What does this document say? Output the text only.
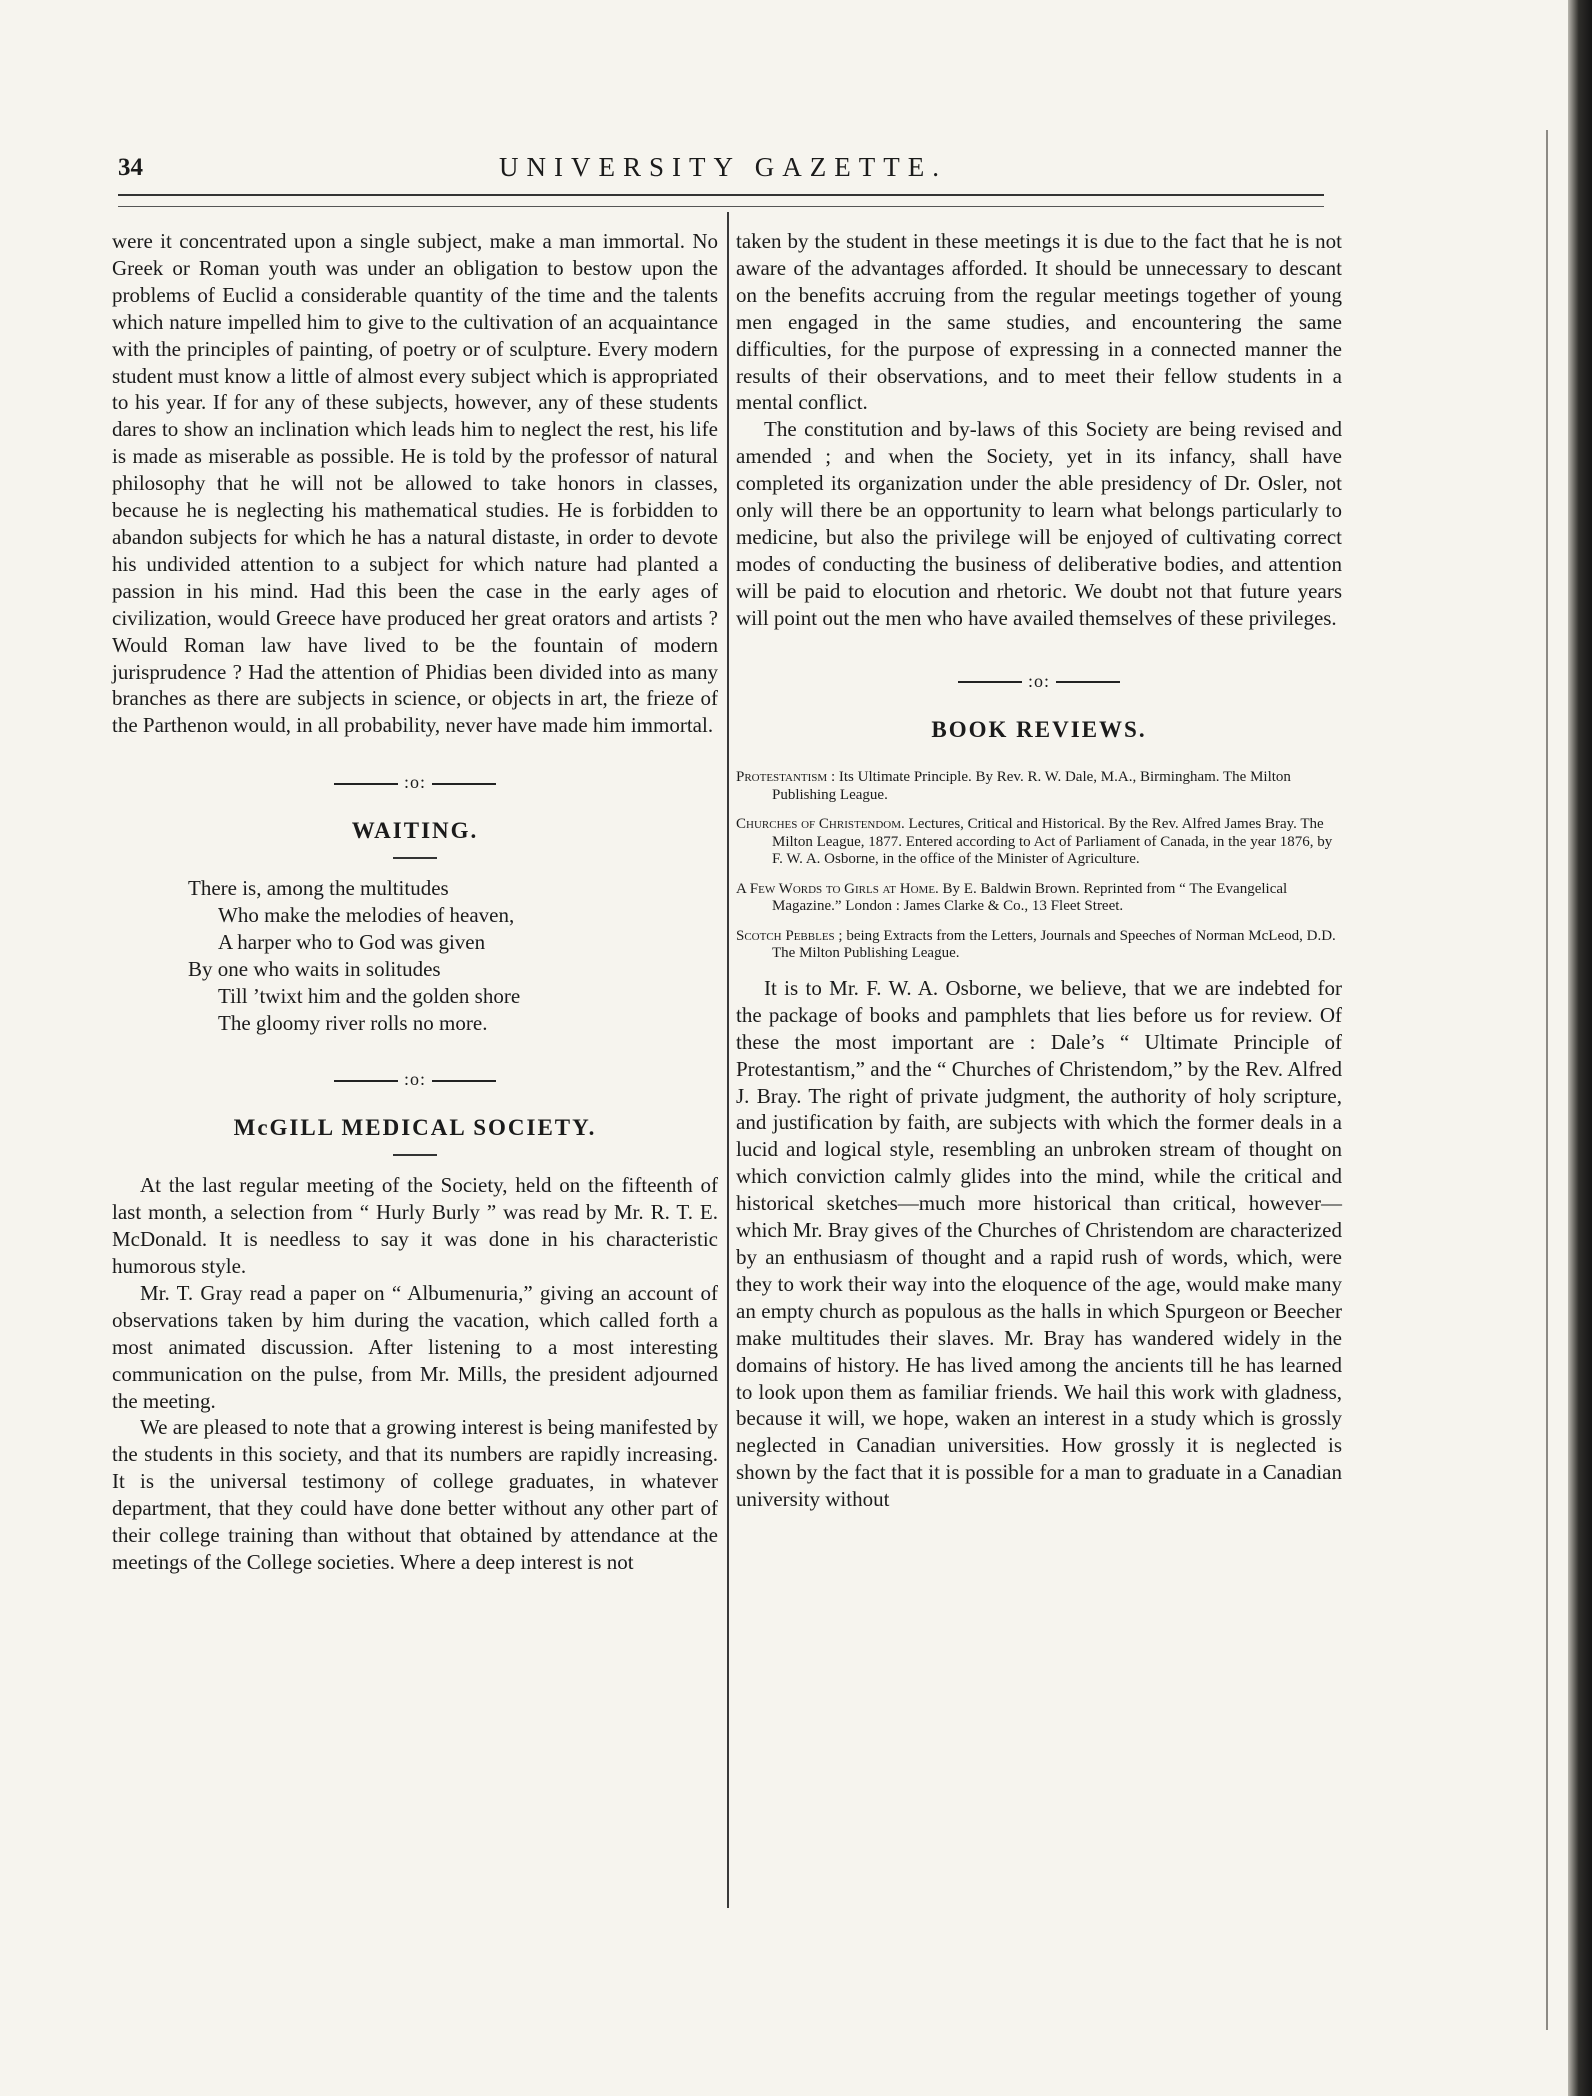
34	UNIVERSITY GAZETTE.

were it concentrated upon a single subject, make a man immortal. No Greek or Roman youth was under an obligation to bestow upon the problems of Euclid a considerable quantity of the time and the talents which nature impelled him to give to the cultivation of an acquaintance with the principles of painting, of poetry or of sculpture. Every modern student must know a little of almost every subject which is appropriated to his year. If for any of these subjects, however, any of these students dares to show an inclination which leads him to neglect the rest, his life is made as miserable as possible. He is told by the professor of natural philosophy that he will not be allowed to take honors in classes, because he is neglecting his mathematical studies. He is forbidden to abandon subjects for which he has a natural distaste, in order to devote his undivided attention to a subject for which nature had planted a passion in his mind. Had this been the case in the early ages of civilization, would Greece have produced her great orators and artists ? Would Roman law have lived to be the fountain of modern jurisprudence ? Had the attention of Phidias been divided into as many branches as there are subjects in science, or objects in art, the frieze of the Parthenon would, in all probability, never have made him immortal.

:o:
WAITING.
There is, among the multitudes
Who make the melodies of heaven,
A harper who to God was given
By one who waits in solitudes
Till ’twixt him and the golden shore
The gloomy river rolls no more.
:o:
McGILL MEDICAL SOCIETY.

At the last regular meeting of the Society, held on the fifteenth of last month, a selection from “ Hurly Burly ” was read by Mr. R. T. E. McDonald. It is needless to say it was done in his characteristic humorous style.

Mr. T. Gray read a paper on “ Albumenuria,” giving an account of observations taken by him during the vacation, which called forth a most animated discussion. After listening to a most interesting communication on the pulse, from Mr. Mills, the president adjourned the meeting.

We are pleased to note that a growing interest is being manifested by the students in this society, and that its numbers are rapidly increasing. It is the universal testimony of college graduates, in whatever department, that they could have done better without any other part of their college training than without that obtained by attendance at the meetings of the College societies. Where a deep interest is not

taken by the student in these meetings it is due to the fact that he is not aware of the advantages afforded. It should be unnecessary to descant on the benefits accruing from the regular meetings together of young men engaged in the same studies, and encountering the same difficulties, for the purpose of expressing in a connected manner the results of their observations, and to meet their fellow students in a mental conflict.

The constitution and by-laws of this Society are being revised and amended ; and when the Society, yet in its infancy, shall have completed its organization under the able presidency of Dr. Osler, not only will there be an opportunity to learn what belongs particularly to medicine, but also the privilege will be enjoyed of cultivating correct modes of conducting the business of deliberative bodies, and attention will be paid to elocution and rhetoric. We doubt not that future years will point out the men who have availed themselves of these privileges.

:o:
BOOK REVIEWS.
Protestantism : Its Ultimate Principle. By Rev. R. W. Dale, M.A., Birmingham. The Milton Publishing League.
Churches of Christendom. Lectures, Critical and Historical. By the Rev. Alfred James Bray. The Milton League, 1877. Entered according to Act of Parliament of Canada, in the year 1876, by F. W. A. Osborne, in the office of the Minister of Agriculture.
A Few Words to Girls at Home. By E. Baldwin Brown. Reprinted from “ The Evangelical Magazine.” London : James Clarke & Co., 13 Fleet Street.
Scotch Pebbles ; being Extracts from the Letters, Journals and Speeches of Norman McLeod, D.D. The Milton Publishing League.

It is to Mr. F. W. A. Osborne, we believe, that we are indebted for the package of books and pamphlets that lies before us for review. Of these the most important are : Dale’s “ Ultimate Principle of Protestantism,” and the “ Churches of Christendom,” by the Rev. Alfred J. Bray. The right of private judgment, the authority of holy scripture, and justification by faith, are subjects with which the former deals in a lucid and logical style, resembling an unbroken stream of thought on which conviction calmly glides into the mind, while the critical and historical sketches—much more historical than critical, however—which Mr. Bray gives of the Churches of Christendom are characterized by an enthusiasm of thought and a rapid rush of words, which, were they to work their way into the eloquence of the age, would make many an empty church as populous as the halls in which Spurgeon or Beecher make multitudes their slaves. Mr. Bray has wandered widely in the domains of history. He has lived among the ancients till he has learned to look upon them as familiar friends. We hail this work with gladness, because it will, we hope, waken an interest in a study which is grossly neglected in Canadian universities. How grossly it is neglected is shown by the fact that it is possible for a man to graduate in a Canadian university without
